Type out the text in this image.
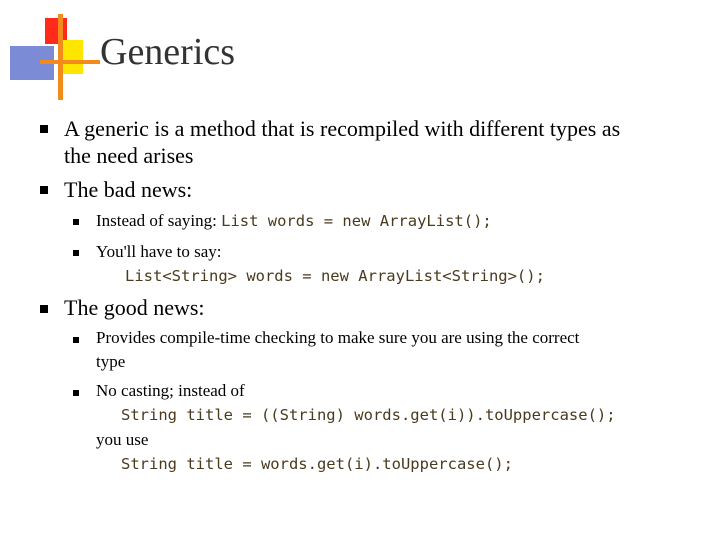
Generics
A generic is a method that is recompiled with different types as
the need arises
The bad news:
Instead of saying: List words = new ArrayList();
You'll have to say:
List<String> words = new ArrayList<String>();
The good news:
Provides compile-time checking to make sure you are using the correct
type
No casting; instead of
String title = ((String) words.get(i)).toUppercase();
you use
String title = words.get(i).toUppercase();
